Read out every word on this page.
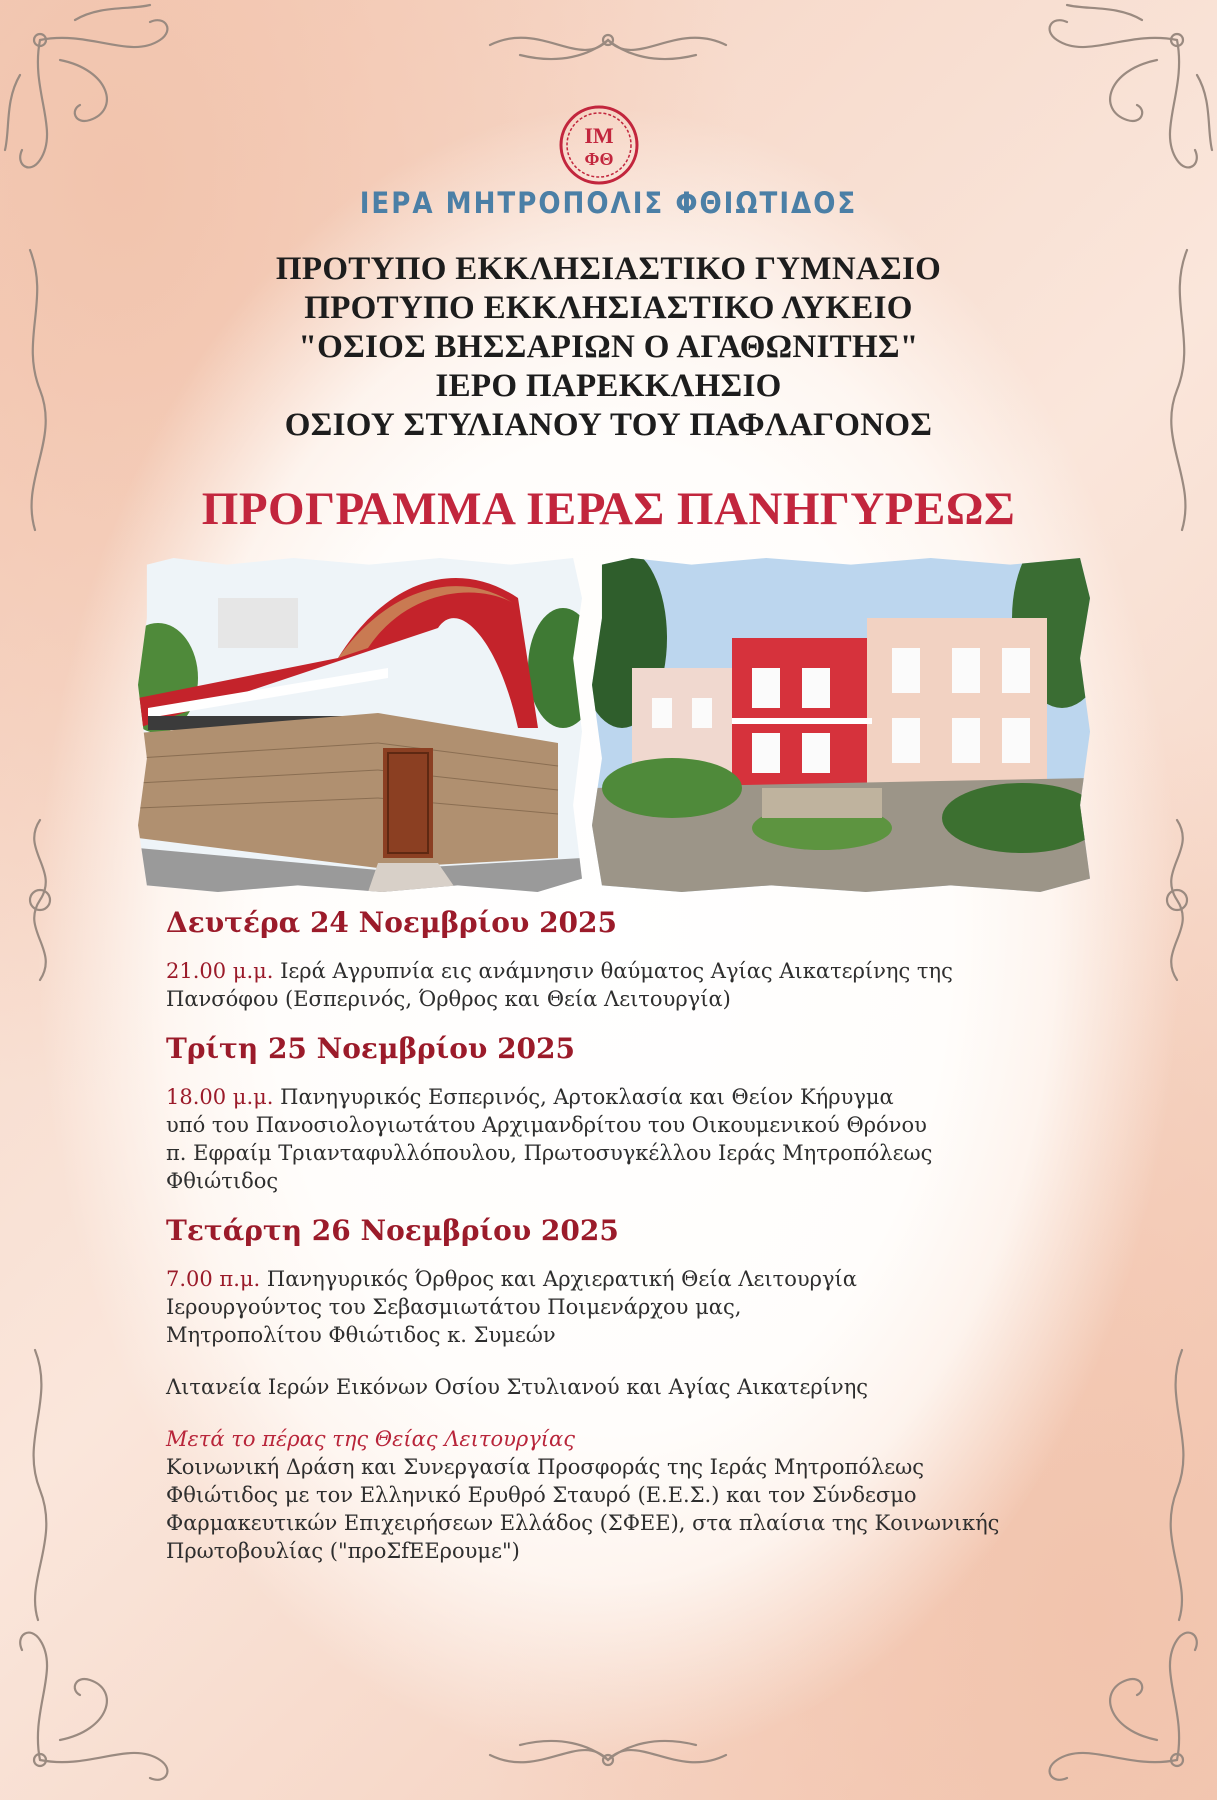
ΙΜ
ΦΘ
ΙΕΡΑ ΜΗΤΡΟΠΟΛΙΣ ΦΘΙΩΤΙΔΟΣ
ΠΡΟΤΥΠΟ ΕΚΚΛΗΣΙΑΣΤΙΚΟ ΓΥΜΝΑΣΙΟ
ΠΡΟΤΥΠΟ ΕΚΚΛΗΣΙΑΣΤΙΚΟ ΛΥΚΕΙΟ
"ΟΣΙΟΣ ΒΗΣΣΑΡΙΩΝ Ο ΑΓΑΘΩΝΙΤΗΣ"
ΙΕΡΟ ΠΑΡΕΚΚΛΗΣΙΟ
ΟΣΙΟΥ ΣΤΥΛΙΑΝΟΥ ΤΟΥ ΠΑΦΛΑΓΟΝΟΣ
ΠΡΟΓΡΑΜΜΑ ΙΕΡΑΣ ΠΑΝΗΓΥΡΕΩΣ
Δευτέρα 24 Νοεμβρίου 2025

21.00 μ.μ. Ιερά Αγρυπνία εις ανάμνησιν θαύματος Αγίας Αικατερίνης της

Πανσόφου (Εσπερινός, Όρθρος και Θεία Λειτουργία)

Τρίτη 25 Νοεμβρίου 2025

18.00 μ.μ. Πανηγυρικός Εσπερινός, Αρτοκλασία και Θείον Κήρυγμα

υπό του Πανοσιολογιωτάτου Αρχιμανδρίτου του Οικουμενικού Θρόνου

π. Εφραίμ Τριανταφυλλόπουλου, Πρωτοσυγκέλλου Ιεράς Μητροπόλεως

Φθιώτιδος

Τετάρτη 26 Νοεμβρίου 2025

7.00 π.μ. Πανηγυρικός Όρθρος και Αρχιερατική Θεία Λειτουργία

Ιερουργούντος του Σεβασμιωτάτου Ποιμενάρχου μας,

Μητροπολίτου Φθιώτιδος κ. Συμεών

Λιτανεία Ιερών Εικόνων Οσίου Στυλιανού και Αγίας Αικατερίνης

Μετά το πέρας της Θείας Λειτουργίας

Κοινωνική Δράση και Συνεργασία Προσφοράς της Ιεράς Μητροπόλεως

Φθιώτιδος με τον Ελληνικό Ερυθρό Σταυρό (Ε.Ε.Σ.) και τον Σύνδεσμο

Φαρμακευτικών Επιχειρήσεων Ελλάδος (ΣΦΕΕ), στα πλαίσια της Κοινωνικής

Πρωτοβουλίας ("προΣfΕΕρουμε")
